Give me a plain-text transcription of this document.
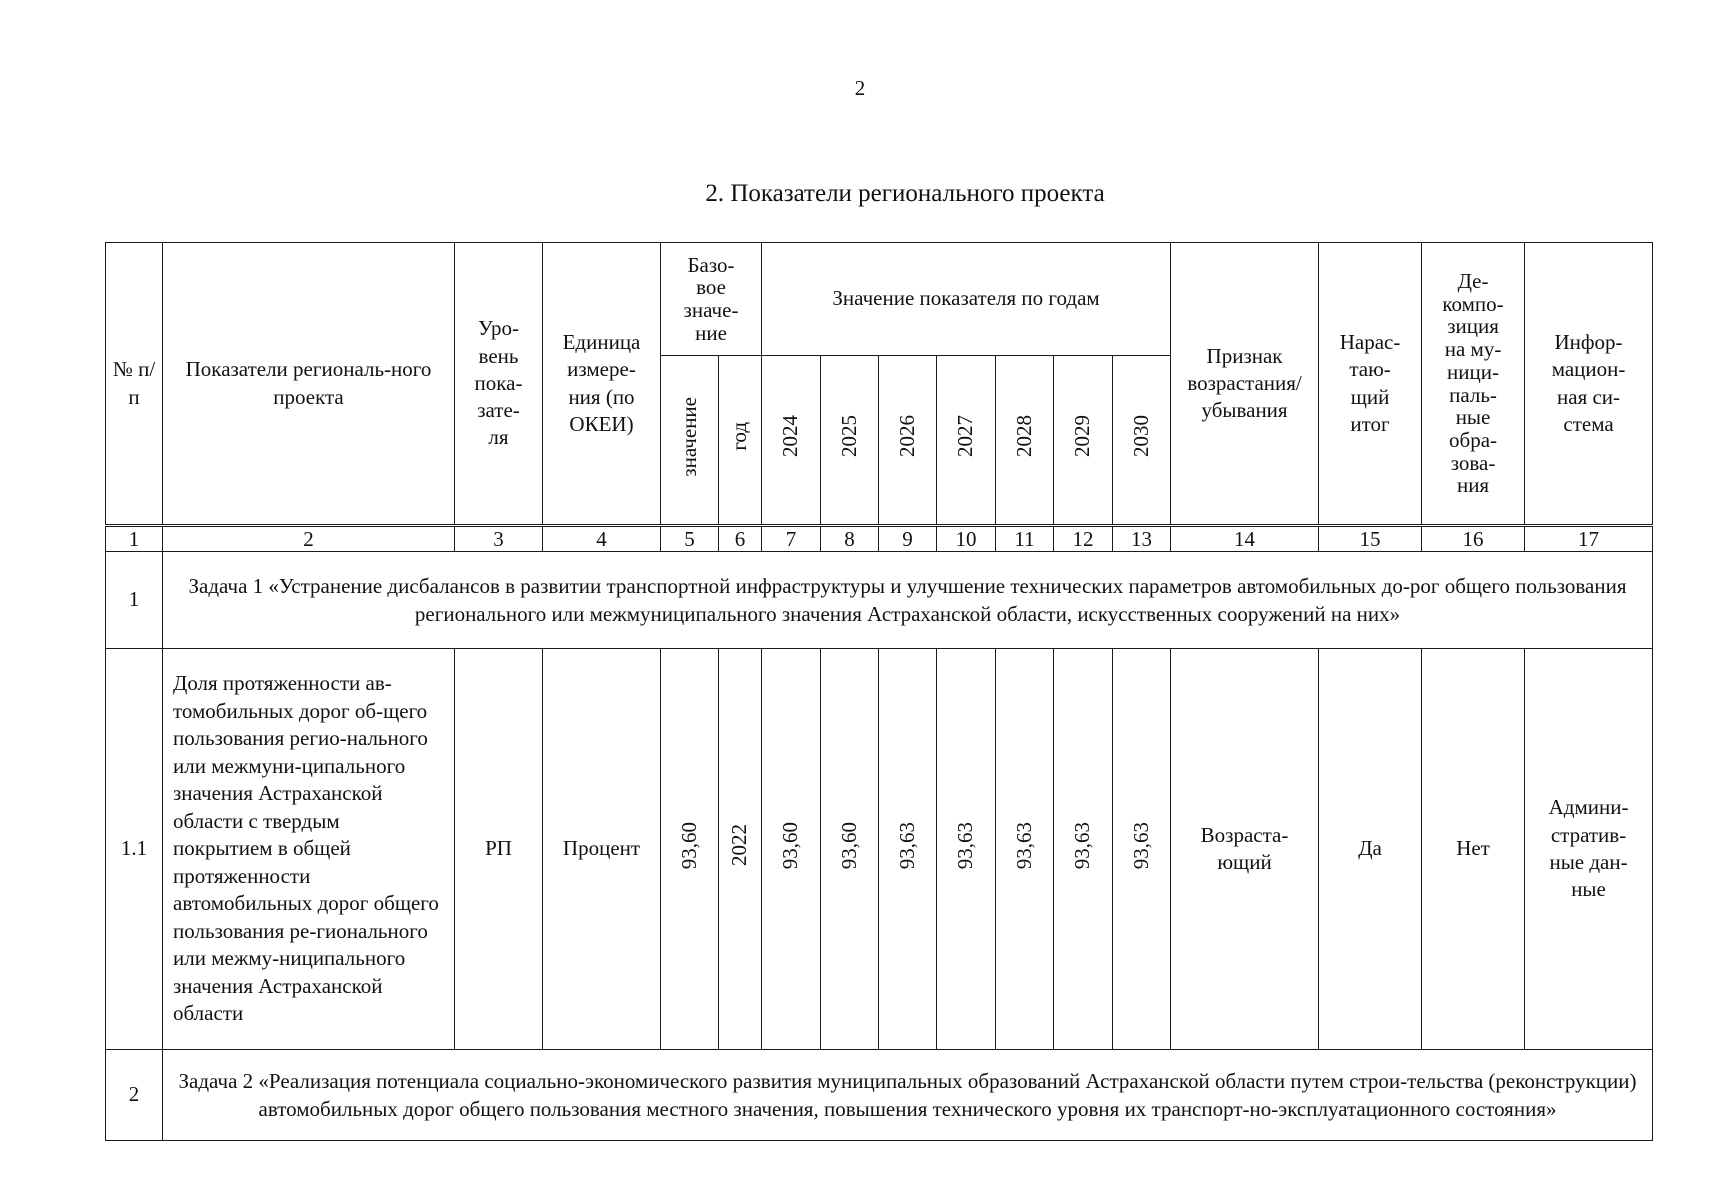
2
2. Показатели регионального проекта
№ п/п	Показатели региональ-ного проекта	Уро-вень пока-зате-ля	Единица измере-ния (по ОКЕИ)	Базо-вое значе-ние		Значение показателя по годам							Признак возрастания/ убывания	Нарас-таю-щий итог	Де-компо-зиция на му-ници-паль-ные обра-зова-ния	Инфор-мацион-ная си-стема
				значение	год	2024	2025	2026	2027	2028	2029	2030				
1	2	3	4	5	6	7	8	9	10	11	12	13	14	15	16	17
1	Задача 1 «Устранение дисбалансов в развитии транспортной инфраструктуры и улучшение технических параметров автомобильных до-рог общего пользования регионального или межмуниципального значения Астраханской области, искусственных сооружений на них»															
1.1	Доля протяженности ав-томобильных дорог об-щего пользования регио-нального или межмуни-ципального значения Астраханской области с твердым покрытием в общей протяженности автомобильных дорог общего пользования ре-гионального или межму-ниципального значения Астраханской области	РП	Процент	93,60	2022	93,60	93,60	93,63	93,63	93,63	93,63	93,63	Возраста-ющий	Да	Нет	Админи-стратив-ные дан-ные
2	Задача 2 «Реализация потенциала социально-экономического развития муниципальных образований Астраханской области путем строи-тельства (реконструкции) автомобильных дорог общего пользования местного значения, повышения технического уровня их транспорт-но-эксплуатационного состояния»															
